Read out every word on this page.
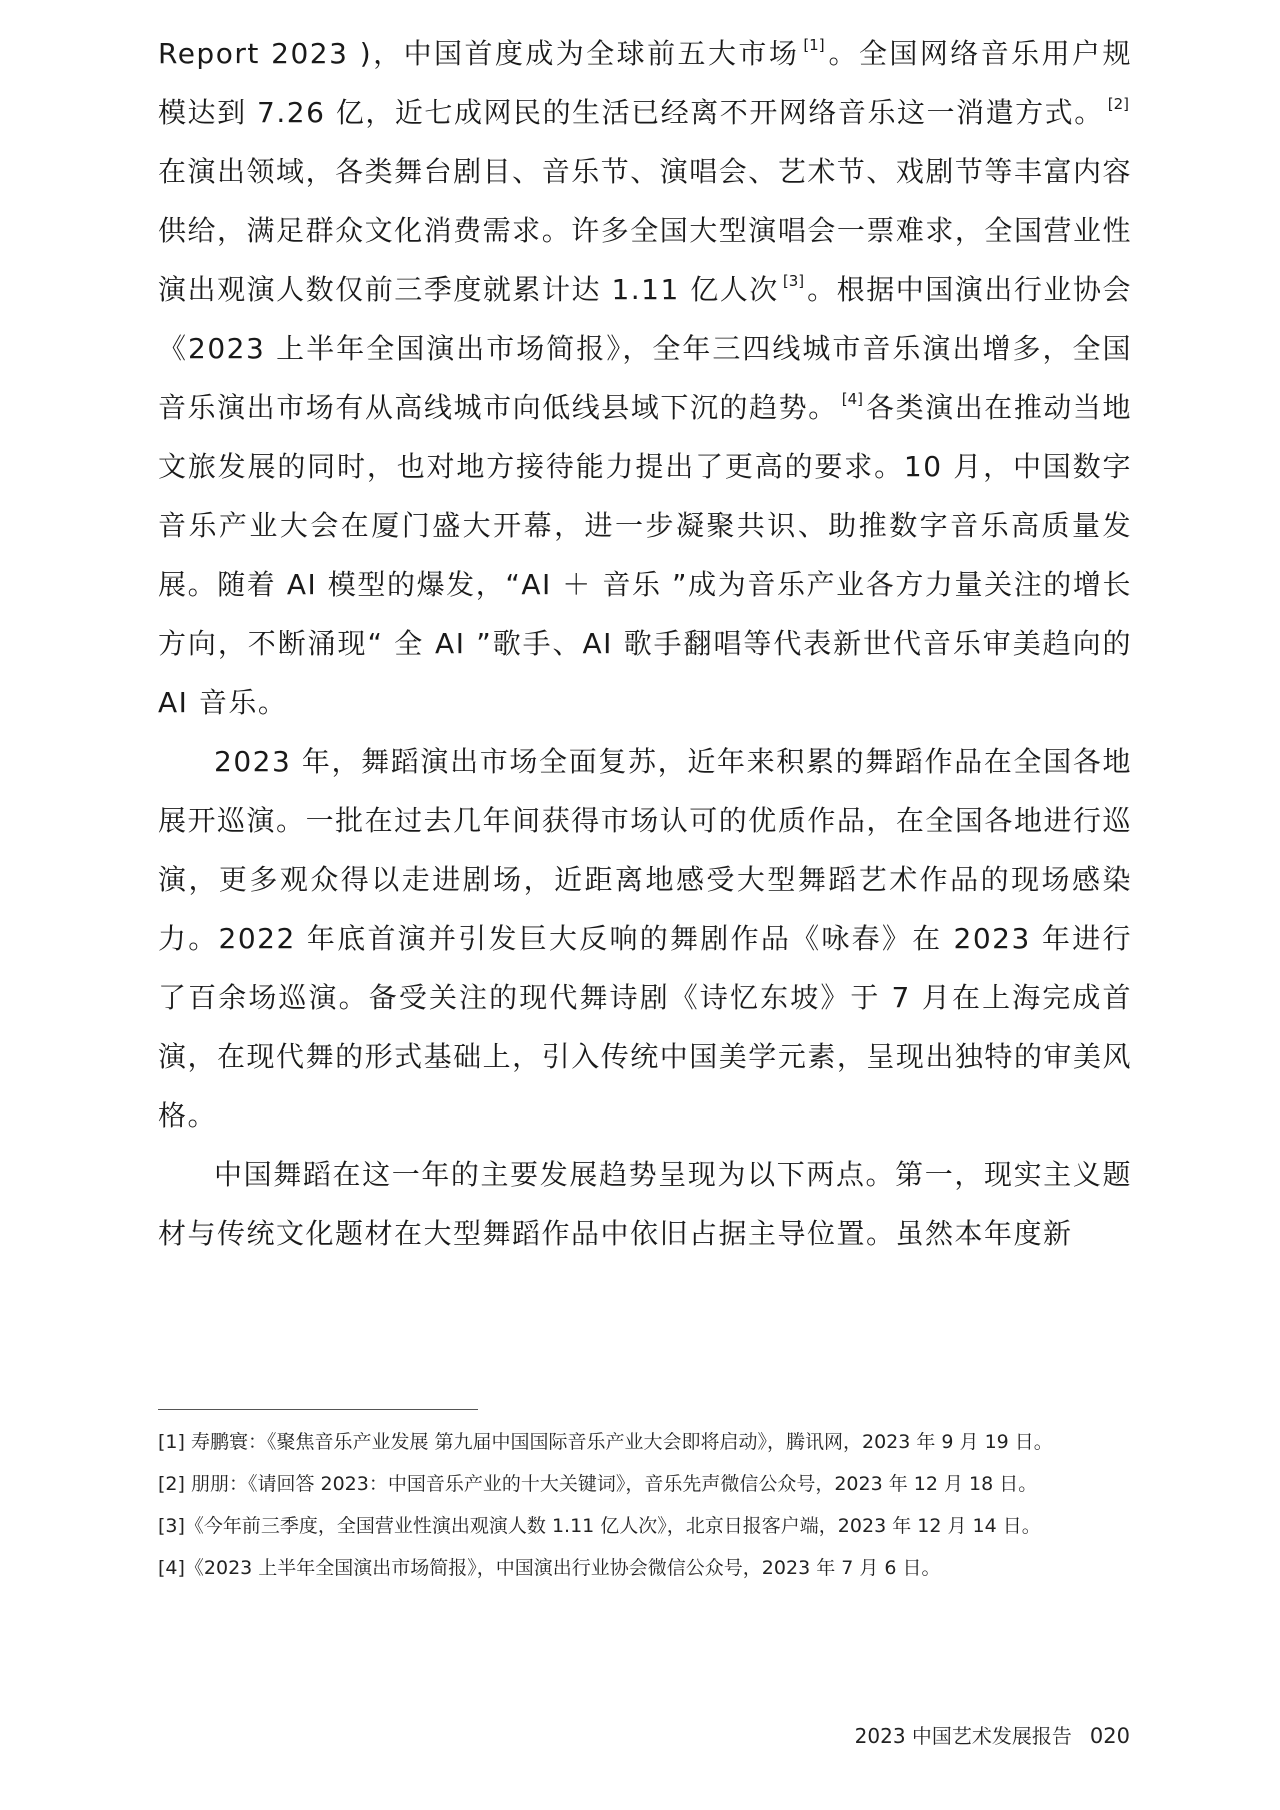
Report 2023 )，中国首度成为全球前五大市场 [1] 。全国网络音乐用户规模达到 7.26 亿，近七成网民的生活已经离不开网络音乐这一消遣方式。 [2]在演出领域，各类舞台剧目、音乐节、演唱会、艺术节、戏剧节等丰富内容供给，满足群众文化消费需求。许多全国大型演唱会一票难求，全国营业性演出观演人数仅前三季度就累计达 1.11 亿人次 [3] 。根据中国演出行业协会《2023 上半年全国演出市场简报》，全年三四线城市音乐演出增多，全国音乐演出市场有从高线城市向低线县域下沉的趋势。 [4] 各类演出在推动当地文旅发展的同时，也对地方接待能力提出了更高的要求。10 月，中国数字音乐产业大会在厦门盛大开幕，进一步凝聚共识、助推数字音乐高质量发展。随着 AI 模型的爆发，“AI ＋ 音乐 ”成为音乐产业各方力量关注的增长方向，不断涌现“ 全 AI ”歌手、AI 歌手翻唱等代表新世代音乐审美趋向的 AI 音乐。

2023 年，舞蹈演出市场全面复苏，近年来积累的舞蹈作品在全国各地展开巡演。一批在过去几年间获得市场认可的优质作品，在全国各地进行巡演，更多观众得以走进剧场，近距离地感受大型舞蹈艺术作品的现场感染力。2022 年底首演并引发巨大反响的舞剧作品《咏春》在 2023 年进行了百余场巡演。备受关注的现代舞诗剧《诗忆东坡》于 7 月在上海完成首演，在现代舞的形式基础上，引入传统中国美学元素，呈现出独特的审美风格。

中国舞蹈在这一年的主要发展趋势呈现为以下两点。第一，现实主义题材与传统文化题材在大型舞蹈作品中依旧占据主导位置。虽然本年度新

[1] 寿鹏寰：《聚焦音乐产业发展 第九届中国国际音乐产业大会即将启动》，腾讯网，2023 年 9 月 19 日。

[2] 朋朋：《请回答 2023：中国音乐产业的十大关键词》，音乐先声微信公众号，2023 年 12 月 18 日。

[3]《今年前三季度，全国营业性演出观演人数 1.11 亿人次》，北京日报客户端，2023 年 12 月 14 日。

[4]《2023 上半年全国演出市场简报》，中国演出行业协会微信公众号，2023 年 7 月 6 日。

2023 中国艺术发展报告 020
